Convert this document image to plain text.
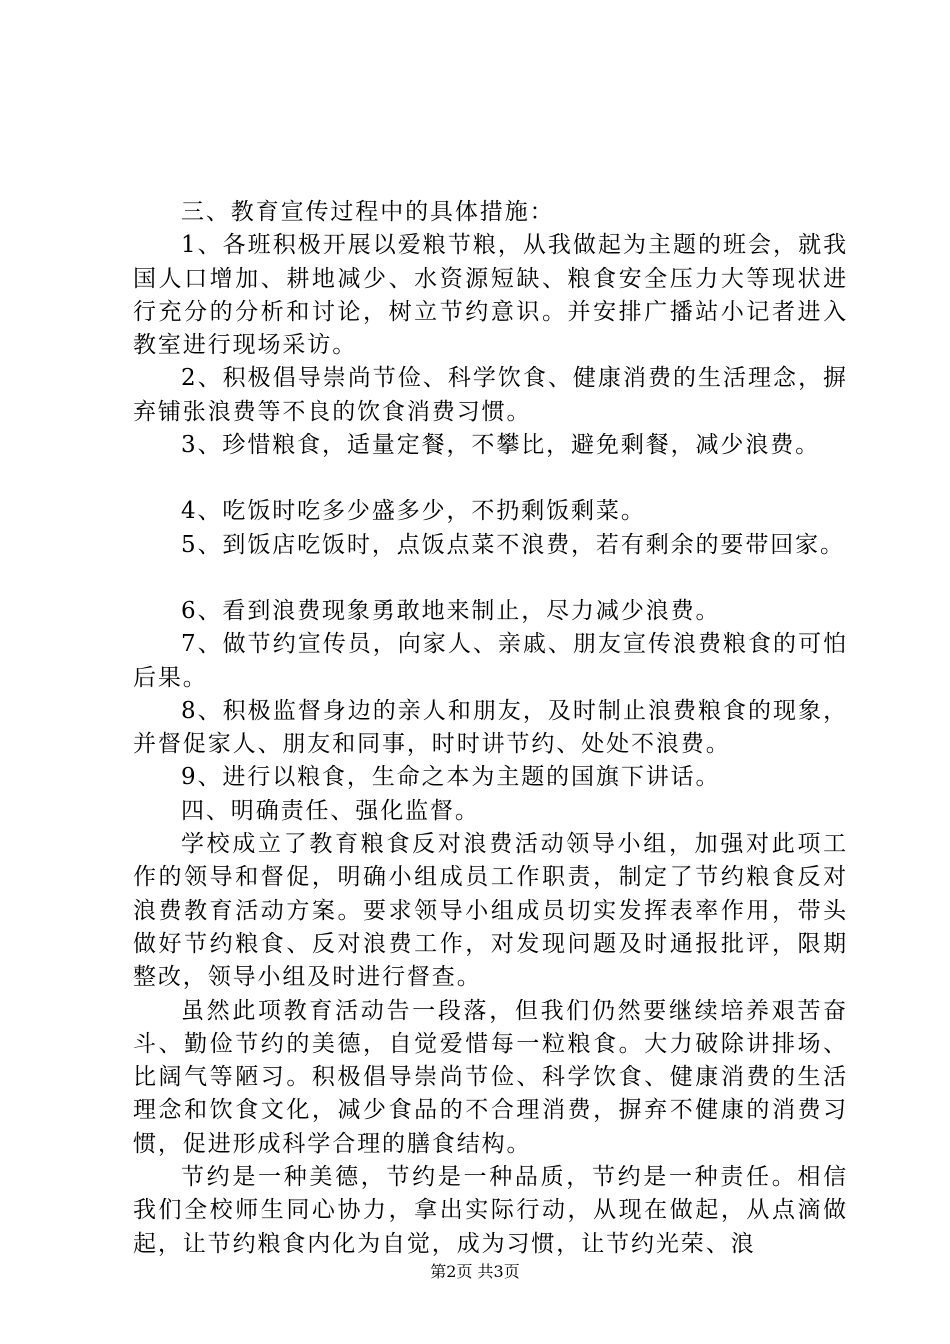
三、教育宣传过程中的具体措施：

1、各班积极开展以爱粮节粮，从我做起为主题的班会，就我国人口增加、耕地减少、水资源短缺、粮食安全压力大等现状进行充分的分析和讨论，树立节约意识。并安排广播站小记者进入教室进行现场采访。

2、积极倡导崇尚节俭、科学饮食、健康消费的生活理念，摒弃铺张浪费等不良的饮食消费习惯。

3、珍惜粮食，适量定餐，不攀比，避免剩餐，减少浪费。

4、吃饭时吃多少盛多少，不扔剩饭剩菜。

5、到饭店吃饭时，点饭点菜不浪费，若有剩余的要带回家。

6、看到浪费现象勇敢地来制止，尽力减少浪费。

7、做节约宣传员，向家人、亲戚、朋友宣传浪费粮食的可怕后果。

8、积极监督身边的亲人和朋友，及时制止浪费粮食的现象，并督促家人、朋友和同事，时时讲节约、处处不浪费。

9、进行以粮食，生命之本为主题的国旗下讲话。

四、明确责任、强化监督。

学校成立了教育粮食反对浪费活动领导小组，加强对此项工作的领导和督促，明确小组成员工作职责，制定了节约粮食反对浪费教育活动方案。要求领导小组成员切实发挥表率作用，带头做好节约粮食、反对浪费工作，对发现问题及时通报批评，限期整改，领导小组及时进行督查。

虽然此项教育活动告一段落，但我们仍然要继续培养艰苦奋斗、勤俭节约的美德，自觉爱惜每一粒粮食。大力破除讲排场、比阔气等陋习。积极倡导崇尚节俭、科学饮食、健康消费的生活理念和饮食文化，减少食品的不合理消费，摒弃不健康的消费习惯，促进形成科学合理的膳食结构。

节约是一种美德，节约是一种品质，节约是一种责任。相信我们全校师生同心协力，拿出实际行动，从现在做起，从点滴做起，让节约粮食内化为自觉，成为习惯，让节约光荣、浪

第2页 共3页
